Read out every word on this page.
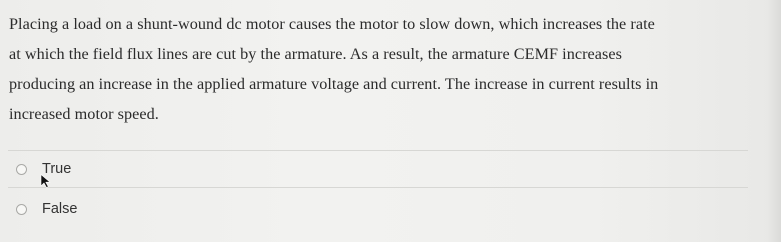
Placing a load on a shunt-wound dc motor causes the motor to slow down, which increases the rate

at which the field flux lines are cut by the armature. As a result, the armature CEMF increases

producing an increase in the applied armature voltage and current. The increase in current results in

increased motor speed.

True
False
